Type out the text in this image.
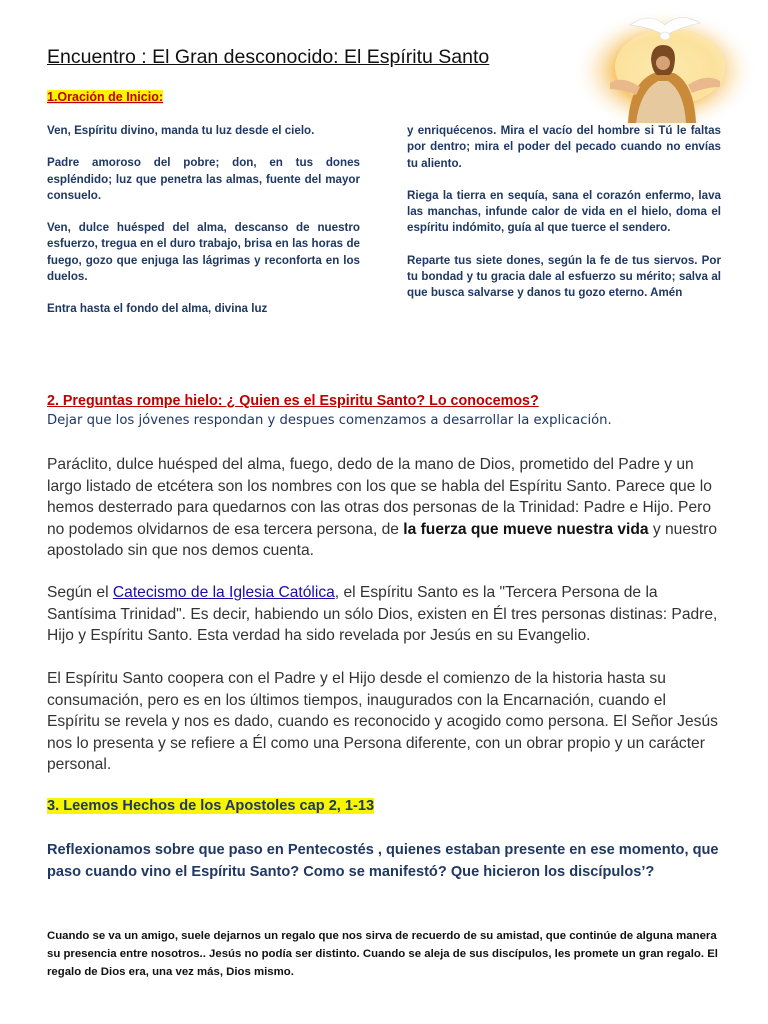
Encuentro : El Gran desconocido: El Espíritu Santo
1.Oración de Inicio:

Ven, Espíritu divino, manda tu luz desde el cielo.

Padre amoroso del pobre; don, en tus dones espléndido; luz que penetra las almas, fuente del mayor consuelo.

Ven, dulce huésped del alma, descanso de nuestro esfuerzo, tregua en el duro trabajo, brisa en las horas de fuego, gozo que enjuga las lágrimas y reconforta en los duelos.

Entra hasta el fondo del alma, divina luz

y enriquécenos. Mira el vacío del hombre si Tú le faltas por dentro; mira el poder del pecado cuando no envías tu aliento.

Riega la tierra en sequía, sana el corazón enfermo, lava las manchas, infunde calor de vida en el hielo, doma el espíritu indómito, guía al que tuerce el sendero.

Reparte tus siete dones, según la fe de tus siervos. Por tu bondad y tu gracia dale al esfuerzo su mérito; salva al que busca salvarse y danos tu gozo eterno. Amén

2. Preguntas rompe hielo: ¿ Quien es el Espiritu Santo? Lo conocemos?
Dejar que los jóvenes respondan y despues comenzamos a desarrollar la explicación.

Paráclito, dulce huésped del alma, fuego, dedo de la mano de Dios, prometido del Padre y un largo listado de etcétera son los nombres con los que se habla del Espíritu Santo. Parece que lo hemos desterrado para quedarnos con las otras dos personas de la Trinidad: Padre e Hijo. Pero no podemos olvidarnos de esa tercera persona, de la fuerza que mueve nuestra vida y nuestro apostolado sin que nos demos cuenta.

Según el Catecismo de la Iglesia Católica, el Espíritu Santo es la "Tercera Persona de la Santísima Trinidad". Es decir, habiendo un sólo Dios, existen en Él tres personas distinas: Padre, Hijo y Espíritu Santo. Esta verdad ha sido revelada por Jesús en su Evangelio.

El Espíritu Santo coopera con el Padre y el Hijo desde el comienzo de la historia hasta su consumación, pero es en los últimos tiempos, inaugurados con la Encarnación, cuando el Espíritu se revela y nos es dado, cuando es reconocido y acogido como persona. El Señor Jesús nos lo presenta y se refiere a Él como una Persona diferente, con un obrar propio y un carácter personal.

3. Leemos Hechos de los Apostoles cap 2, 1-13

Reflexionamos sobre que paso en Pentecostés , quienes estaban presente en ese momento, que paso cuando vino el Espíritu Santo? Como se manifestó? Que hicieron los discípulos’?

Cuando se va un amigo, suele dejarnos un regalo que nos sirva de recuerdo de su amistad, que continúe de alguna manera su presencia entre nosotros.. Jesús no podía ser distinto. Cuando se aleja de sus discípulos, les promete un gran regalo. El regalo de Dios era, una vez más, Dios mismo.
